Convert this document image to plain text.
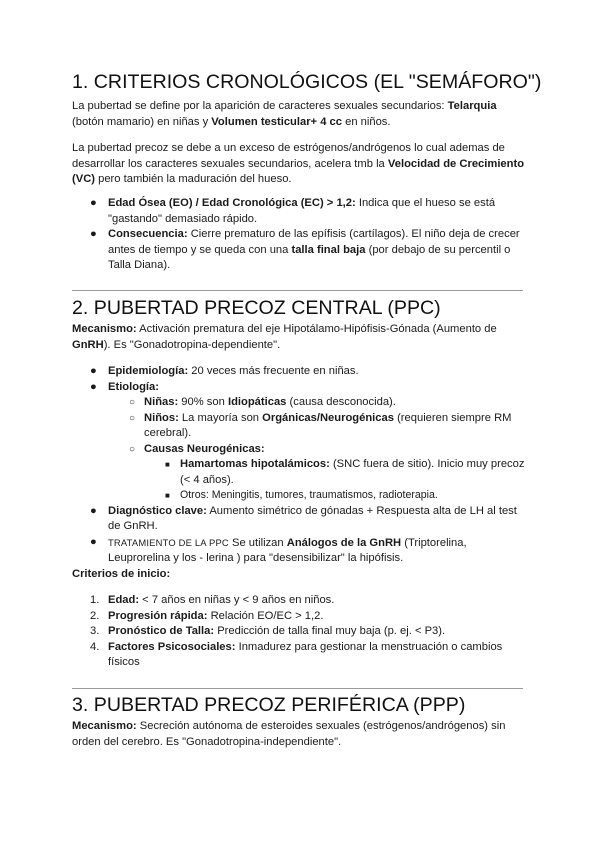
1. CRITERIOS CRONOLÓGICOS (EL "SEMÁFORO")

La pubertad se define por la aparición de caracteres sexuales secundarios: Telarquia (botón mamario) en niñas y Volumen testicular+ 4 cc en niños.

La pubertad precoz se debe a un exceso de estrógenos/andrógenos lo cual ademas de desarrollar los caracteres sexuales secundarios, acelera tmb la Velocidad de Crecimiento (VC) pero también la maduración del hueso.

● Edad Ósea (EO) / Edad Cronológica (EC) > 1,2: Indica que el hueso se está "gastando" demasiado rápido.
● Consecuencia: Cierre prematuro de las epífisis (cartílagos). El niño deja de crecer antes de tiempo y se queda con una talla final baja (por debajo de su percentil o Talla Diana).
2. PUBERTAD PRECOZ CENTRAL (PPC)

Mecanismo: Activación prematura del eje Hipotálamo-Hipófisis-Gónada (Aumento de GnRH). Es "Gonadotropina-dependiente".

● Epidemiología: 20 veces más frecuente en niñas.
● Etiología:
○ Niñas: 90% son Idiopáticas (causa desconocida).
○ Niños: La mayoría son Orgánicas/Neurogénicas (requieren siempre RM cerebral).
○ Causas Neurogénicas:
■ Hamartomas hipotalámicos: (SNC fuera de sitio). Inicio muy precoz (< 4 años).
■ Otros: Meningitis, tumores, traumatismos, radioterapia.
● Diagnóstico clave: Aumento simétrico de gónadas + Respuesta alta de LH al test de GnRH.
● TRATAMIENTO DE LA PPC Se utilizan Análogos de la GnRH (Triptorelina, Leuprorelina y los - lerina ) para "desensibilizar" la hipófisis.

Criterios de inicio:

1. Edad: < 7 años en niñas y < 9 años en niños.
2. Progresión rápida: Relación EO/EC > 1,2.
3. Pronóstico de Talla: Predicción de talla final muy baja (p. ej. < P3).
4. Factores Psicosociales: Inmadurez para gestionar la menstruación o cambios físicos
3. PUBERTAD PRECOZ PERIFÉRICA (PPP)

Mecanismo: Secreción autónoma de esteroides sexuales (estrógenos/andrógenos) sin orden del cerebro. Es "Gonadotropina-independiente".
